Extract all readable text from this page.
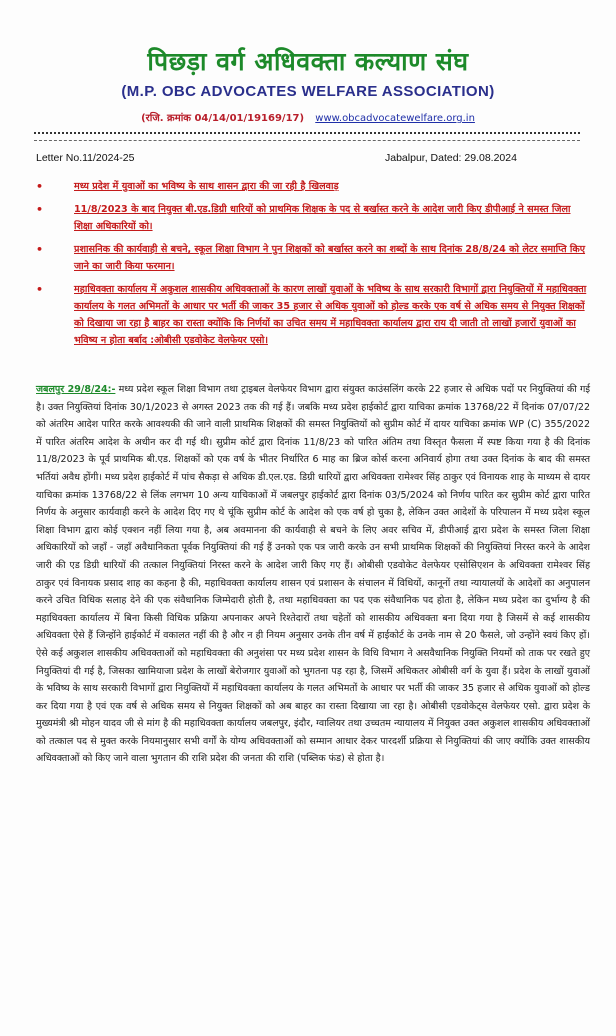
पिछड़ा वर्ग अधिवक्ता कल्याण संघ
(M.P. OBC ADVOCATES WELFARE ASSOCIATION)
(रजि. क्रमांक 04/14/01/19169/17) www.obcadvocatewelfare.org.in
Letter No.11/2024-25	Jabalpur, Dated: 29.08.2024
•	मध्य प्रदेश में युवाओं का भविष्य के साथ शासन द्वारा की जा रही है खिलवाड़
•	11/8/2023 के बाद नियुक्त बी.एड.डिग्री धारियों को प्राथमिक शिक्षक के पद से बर्खास्त करने के आदेश जारी किए डीपीआई ने समस्त जिला शिक्षा अधिकारियों को।
•	प्रशासनिक की कार्यवाही से बचने, स्कूल शिक्षा विभाग ने पुन शिक्षकों को बर्खास्त करने का शब्दों के साथ दिनांक 28/8/24 को लेटर समाप्ति किए जाने का जारी किया फरमान।
•	महाधिवक्ता कार्यालय में अकुशल शासकीय अधिवक्ताओं के कारण लाखों युवाओं के भविष्य के साथ सरकारी विभागों द्वारा नियुक्तियों में महाधिवक्ता कार्यालय के गलत अभिमतों के आधार पर भर्ती की जाकर 35 हजार से अधिक युवाओं को होल्ड करके एक वर्ष से अधिक समय से नियुक्त शिक्षकों को दिखाया जा रहा है बाहर का रास्ता क्योंकि कि निर्णयों का उचित समय में महाधिवक्ता कार्यालय द्वारा राय दी जाती तो लाखों हजारों युवाओं का भविष्य न होता बर्बाद :ओबीसी एडवोकेट वेलफेयर एसो।
जबलपुर 29/8/24:- मध्य प्रदेश स्कूल शिक्षा विभाग तथा ट्राइबल वेलफेयर विभाग द्वारा संयुक्त काउंसलिंग करके 22 हजार से अधिक पदों पर नियुक्तियां की गई है। उक्त नियुक्तियां दिनांक 30/1/2023 से अगस्त 2023 तक की गई हैं। जबकि मध्य प्रदेश हाईकोर्ट द्वारा याचिका क्रमांक 13768/22 में दिनांक 07/07/22 को अंतरिम आदेश पारित करके आवश्यकी की जाने वाली प्राथमिक शिक्षकों की समस्त नियुक्तियों को सुप्रीम कोर्ट में दायर याचिका क्रमांक WP (C) 355/2022 में पारित अंतरिम आदेश के अधीन कर दी गई थी। सुप्रीम कोर्ट द्वारा दिनांक 11/8/23 को पारित अंतिम तथा विस्तृत फैसला में स्पष्ट किया गया है की दिनांक 11/8/2023 के पूर्व प्राथमिक बी.एड. शिक्षकों को एक वर्ष के भीतर निर्धारित 6 माह का ब्रिज कोर्स करना अनिवार्य होगा तथा उक्त दिनांक के बाद की समस्त भर्तियां अवैध होंगी। मध्य प्रदेश हाईकोर्ट में पांच सैकड़ा से अधिक डी.एल.एड. डिग्री धारियों द्वारा अधिवक्ता रामेश्वर सिंह ठाकुर एवं विनायक शाह के माध्यम से दायर याचिका क्रमांक 13768/22 से लिंक लगभग 10 अन्य याचिकाओं में जबलपुर हाईकोर्ट द्वारा दिनांक 03/5/2024 को निर्णय पारित कर सुप्रीम कोर्ट द्वारा पारित निर्णय के अनुसार कार्यवाही करने के आदेश दिए गए थे चूंकि सुप्रीम कोर्ट के आदेश को एक वर्ष हो चुका है, लेकिन उक्त आदेशों के परिपालन में मध्य प्रदेश स्कूल शिक्षा विभाग द्वारा कोई एक्शन नहीं लिया गया है, अब अवमानना की कार्यवाही से बचने के लिए अवर सचिव में, डीपीआई द्वारा प्रदेश के समस्त जिला शिक्षा अधिकारियों को जहाँ - जहाँ अवैधानिकता पूर्वक नियुक्तियां की गई हैं उनको एक पत्र जारी करके उन सभी प्राथमिक शिक्षकों की नियुक्तियां निरस्त करने के आदेश जारी की एड डिग्री धारियों की तत्काल नियुक्तियां निरस्त करने के आदेश जारी किए गए हैं। ओबीसी एडवोकेट वेलफेयर एसोसिएशन के अधिवक्ता रामेश्वर सिंह ठाकुर एवं विनायक प्रसाद शाह का कहना है की, महाधिवक्ता कार्यालय शासन एवं प्रशासन के संचालन में विधियों, कानूनों तथा न्यायालयों के आदेशों का अनुपालन करने उचित विधिक सलाह देने की एक संवैधानिक जिम्मेदारी होती है, तथा महाधिवक्ता का पद एक संवैधानिक पद होता है, लेकिन मध्य प्रदेश का दुर्भाग्य है की महाधिवक्ता कार्यालय में बिना किसी विधिक प्रक्रिया अपनाकर अपने रिश्तेदारों तथा चहेतों को शासकीय अधिवक्ता बना दिया गया है जिसमें से कई शासकीय अधिवक्ता ऐसे हैं जिन्होंने हाईकोर्ट में वकालत नहीं की है और न ही नियम अनुसार उनके तीन वर्ष में हाईकोर्ट के उनके नाम से 20 फैसले, जो उन्होंने स्वयं किए हों। ऐसे कई अकुशल शासकीय अधिवक्ताओं को महाधिवक्ता की अनुशंसा पर मध्य प्रदेश शासन के विधि विभाग ने असवैधानिक नियुक्ति नियमों को ताक पर रखते हुए नियुक्तियां दी गई है, जिसका खामियाजा प्रदेश के लाखों बेरोजगार युवाओं को भुगतना पड़ रहा है, जिसमें अधिकतर ओबीसी वर्ग के युवा हैं। प्रदेश के लाखों युवाओं के भविष्य के साथ सरकारी विभागों द्वारा नियुक्तियों में महाधिवक्ता कार्यालय के गलत अभिमतों के आधार पर भर्ती की जाकर 35 हजार से अधिक युवाओं को होल्ड कर दिया गया है एवं एक वर्ष से अधिक समय से नियुक्त शिक्षकों को अब बाहर का रास्ता दिखाया जा रहा है। ओबीसी एडवोकेट्स वेलफेयर एसो. द्वारा प्रदेश के मुख्यमंत्री श्री मोहन यादव जी से मांग है की महाधिवक्ता कार्यालय जबलपुर, इंदौर, ग्वालियर तथा उच्चतम न्यायालय में नियुक्त उक्त अकुशल शासकीय अधिवक्ताओं को तत्काल पद से मुक्त करके नियमानुसार सभी वर्गों के योग्य अधिवक्ताओं को सम्मान आधार देकर पारदर्शी प्रक्रिया से नियुक्तियां की जाए क्योंकि उक्त शासकीय अधिवक्ताओं को किए जाने वाला भुगतान की राशि प्रदेश की जनता की राशि (पब्लिक फंड) से होता है।
